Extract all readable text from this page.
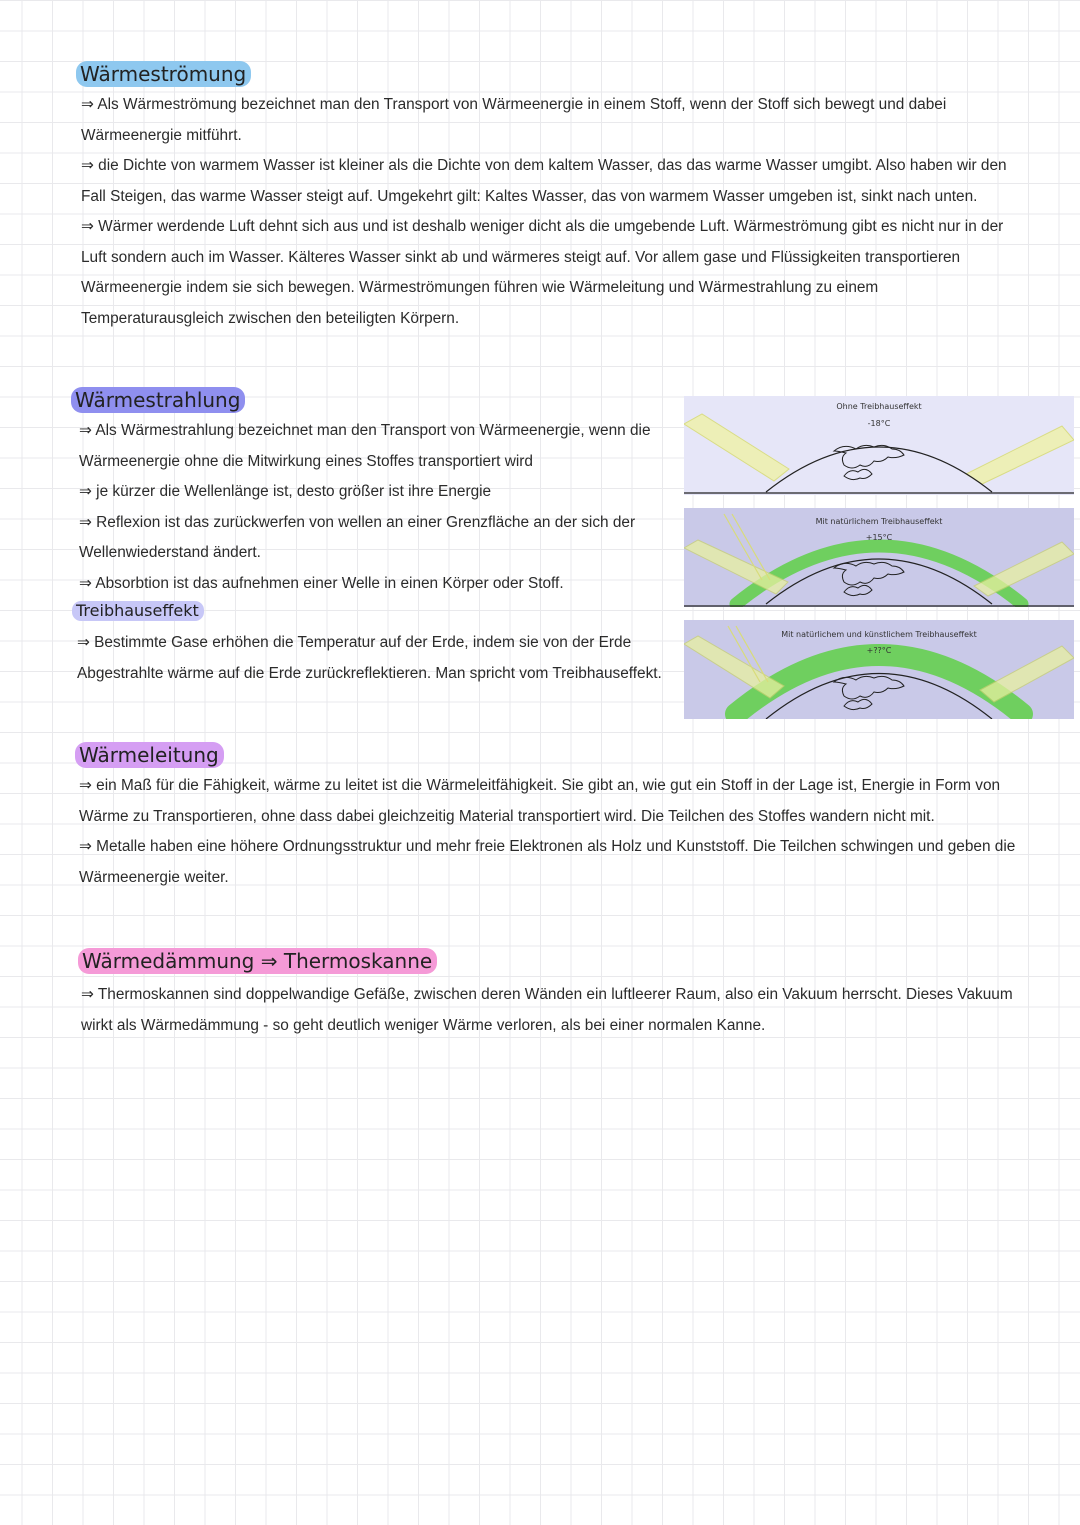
Wärmeströmung

⇒ Als Wärmeströmung bezeichnet man den Transport von Wärmeenergie in einem Stoff, wenn der Stoff sich bewegt und dabei Wärmeenergie mitführt.
⇒ die Dichte von warmem Wasser ist kleiner als die Dichte von dem kaltem Wasser, das das warme Wasser umgibt. Also haben wir den Fall Steigen, das warme Wasser steigt auf. Umgekehrt gilt: Kaltes Wasser, das von warmem Wasser umgeben ist, sinkt nach unten.
⇒ Wärmer werdende Luft dehnt sich aus und ist deshalb weniger dicht als die umgebende Luft. Wärmeströmung gibt es nicht nur in der Luft sondern auch im Wasser. Kälteres Wasser sinkt ab und wärmeres steigt auf. Vor allem gase und Flüssigkeiten transportieren Wärmeenergie indem sie sich bewegen. Wärmeströmungen führen wie Wärmeleitung und Wärmestrahlung zu einem Temperaturausgleich zwischen den beteiligten Körpern.

Wärmestrahlung

⇒ Als Wärmestrahlung bezeichnet man den Transport von Wärmeenergie, wenn die Wärmeenergie ohne die Mitwirkung eines Stoffes transportiert wird
⇒ je kürzer die Wellenlänge ist, desto größer ist ihre Energie
⇒ Reflexion ist das zurückwerfen von wellen an einer Grenzfläche an der sich der Wellenwiederstand ändert.
⇒ Absorbtion ist das aufnehmen einer Welle in einen Körper oder Stoff.

Treibhauseffekt

⇒ Bestimmte Gase erhöhen die Temperatur auf der Erde, indem sie von der Erde Abgestrahlte wärme auf die Erde zurückreflektieren. Man spricht vom Treibhauseffekt.

Ohne Treibhauseffekt
-18°C
Mit natürlichem Treibhauseffekt
+15°C
Mit natürlichem und künstlichem Treibhauseffekt
+??°C
Wärmeleitung

⇒ ein Maß für die Fähigkeit, wärme zu leitet ist die Wärmeleitfähigkeit. Sie gibt an, wie gut ein Stoff in der Lage ist, Energie in Form von Wärme zu Transportieren, ohne dass dabei gleichzeitig Material transportiert wird. Die Teilchen des Stoffes wandern nicht mit.
⇒ Metalle haben eine höhere Ordnungsstruktur und mehr freie Elektronen als Holz und Kunststoff. Die Teilchen schwingen und geben die Wärmeenergie weiter.

Wärmedämmung ⇒ Thermoskanne

⇒ Thermoskannen sind doppelwandige Gefäße, zwischen deren Wänden ein luftleerer Raum, also ein Vakuum herrscht. Dieses Vakuum wirkt als Wärmedämmung - so geht deutlich weniger Wärme verloren, als bei einer normalen Kanne.
